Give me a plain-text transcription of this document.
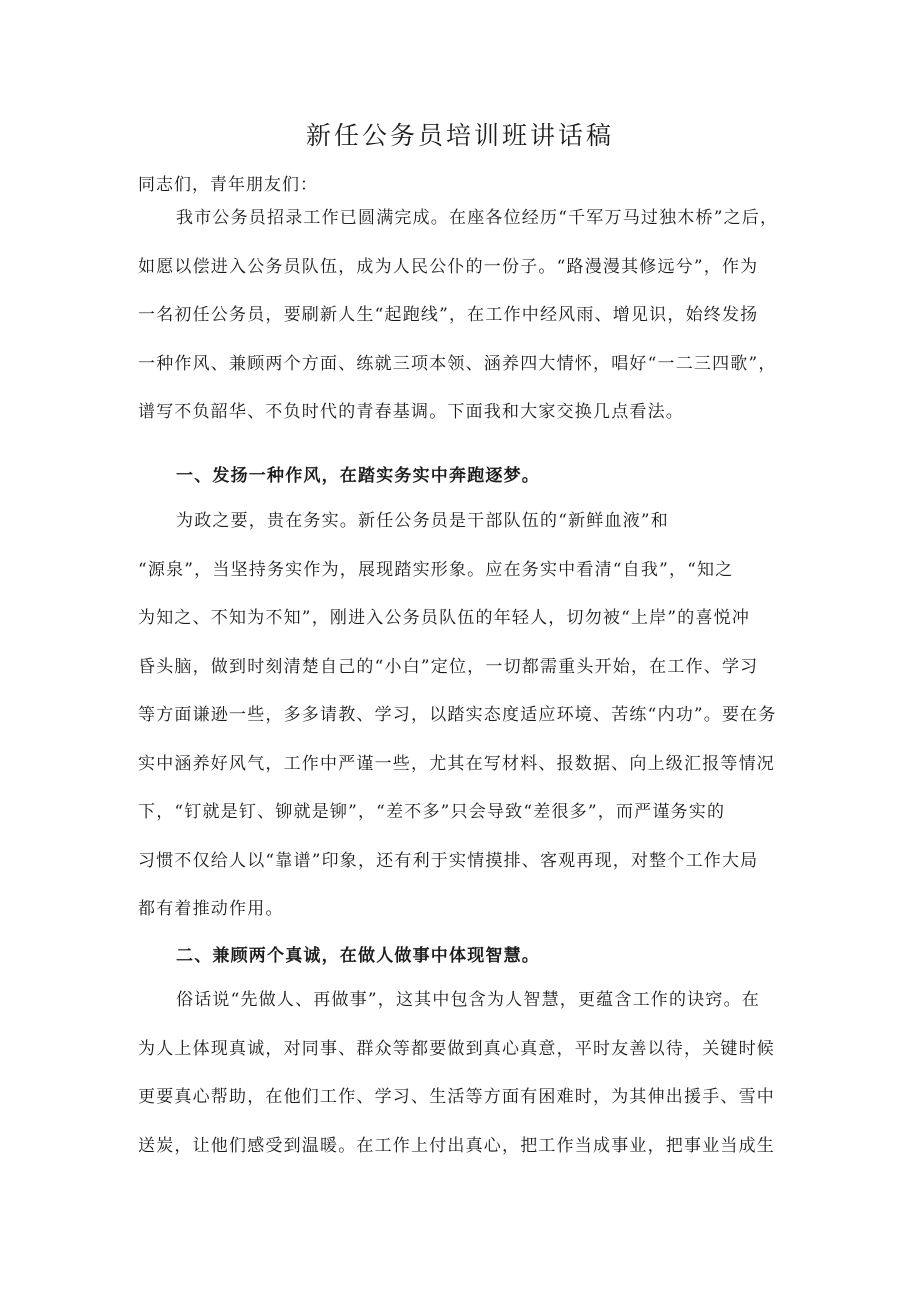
新任公务员培训班讲话稿
同志们，青年朋友们：
我市公务员招录工作已圆满完成。在座各位经历“千军万马过独木桥”之后，
如愿以偿进入公务员队伍，成为人民公仆的一份子。“路漫漫其修远兮”，作为
一名初任公务员，要刷新人生“起跑线”，在工作中经风雨、增见识，始终发扬
一种作风、兼顾两个方面、练就三项本领、涵养四大情怀，唱好“一二三四歌”，
谱写不负韶华、不负时代的青春基调。下面我和大家交换几点看法。
一、发扬一种作风，在踏实务实中奔跑逐梦。
为政之要，贵在务实。新任公务员是干部队伍的“新鲜血液”和
“源泉”，当坚持务实作为，展现踏实形象。应在务实中看清“自我”，“知之
为知之、不知为不知”，刚进入公务员队伍的年轻人，切勿被“上岸”的喜悦冲
昏头脑，做到时刻清楚自己的“小白”定位，一切都需重头开始，在工作、学习
等方面谦逊一些，多多请教、学习，以踏实态度适应环境、苦练“内功”。要在务
实中涵养好风气，工作中严谨一些，尤其在写材料、报数据、向上级汇报等情况
下，“钉就是钉、铆就是铆”，“差不多”只会导致“差很多”，而严谨务实的
习惯不仅给人以“靠谱”印象，还有利于实情摸排、客观再现，对整个工作大局
都有着推动作用。
二、兼顾两个真诚，在做人做事中体现智慧。
俗话说“先做人、再做事”，这其中包含为人智慧，更蕴含工作的诀窍。在
为人上体现真诚，对同事、群众等都要做到真心真意，平时友善以待，关键时候
更要真心帮助，在他们工作、学习、生活等方面有困难时，为其伸出援手、雪中
送炭，让他们感受到温暖。在工作上付出真心，把工作当成事业，把事业当成生
